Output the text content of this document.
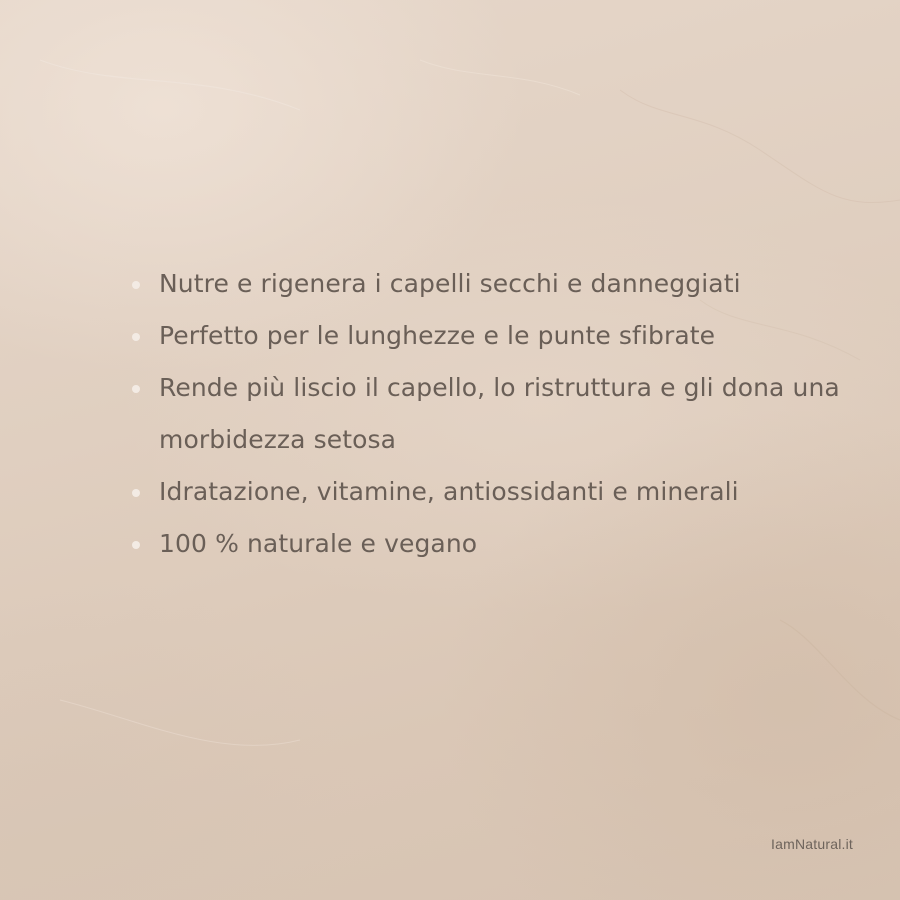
Nutre e rigenera i capelli secchi e danneggiati
Perfetto per le lunghezze e le punte sfibrate
Rende più liscio il capello, lo ristruttura e gli dona una morbidezza setosa
Idratazione, vitamine, antiossidanti e minerali
100 % naturale e vegano
IamNatural.it
